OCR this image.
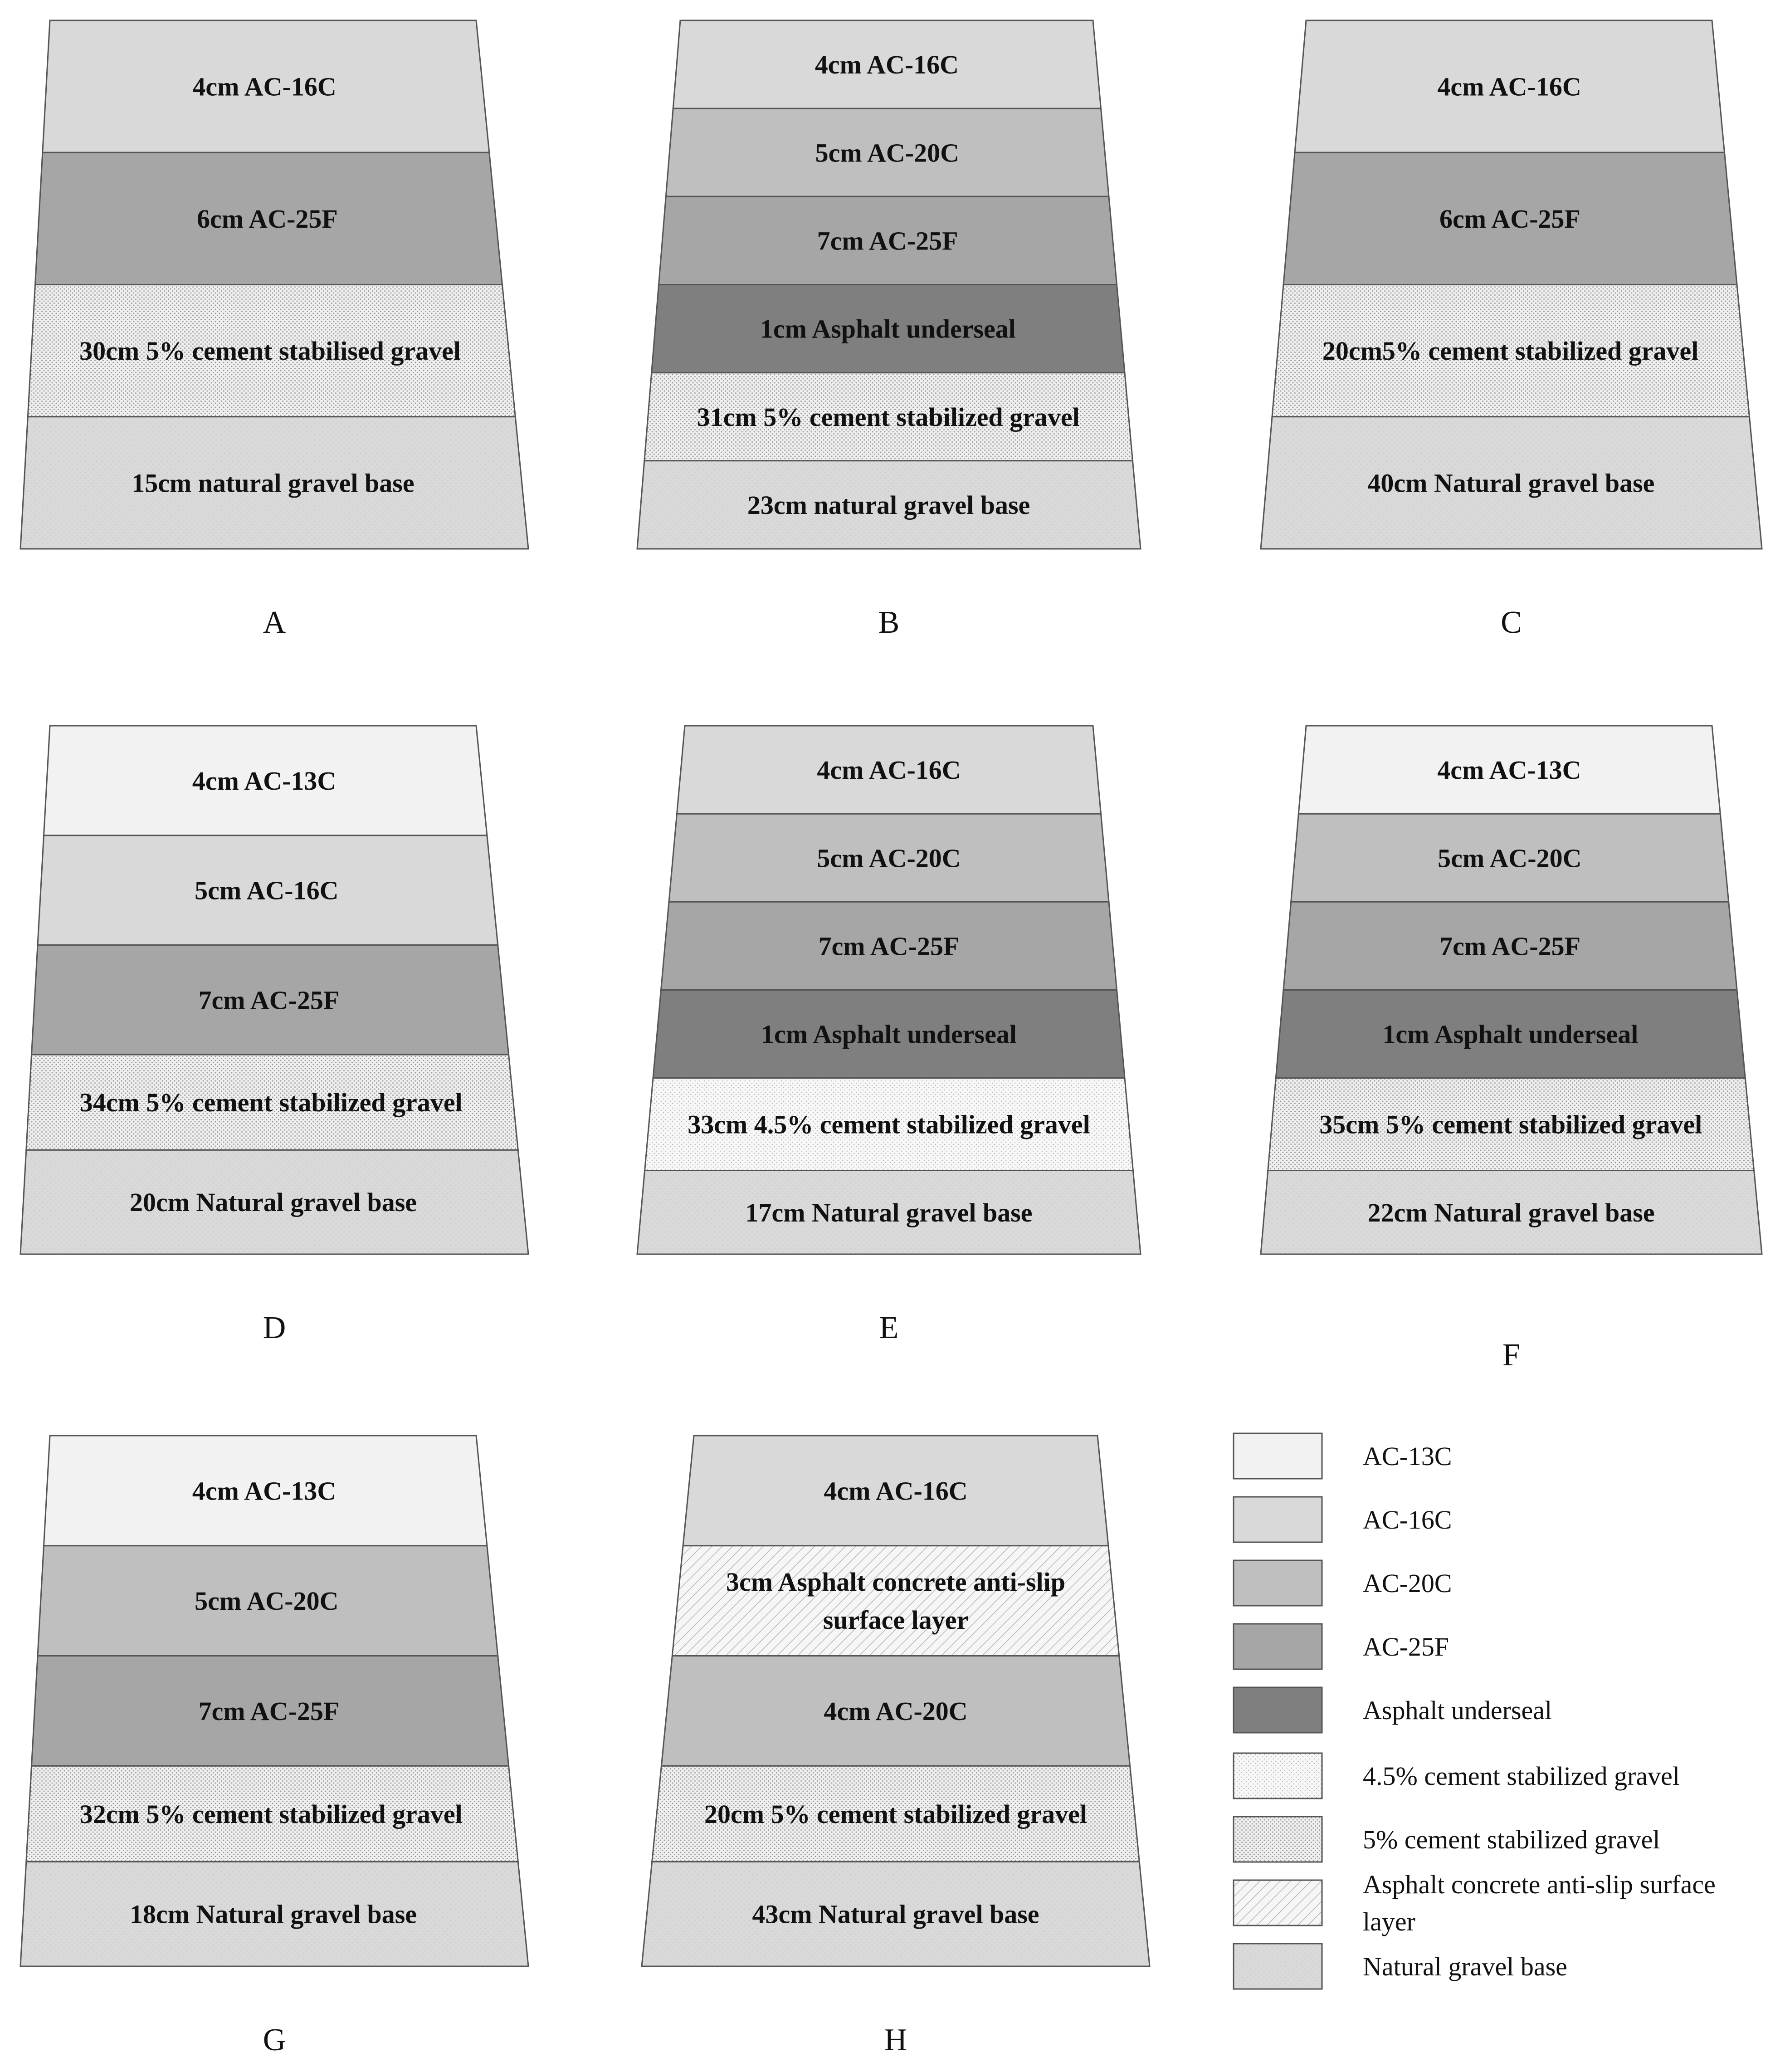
4cm AC-16C
6cm AC-25F
30cm 5% cement stabilised gravel
15cm natural gravel base
A
4cm AC-16C
5cm AC-20C
7cm AC-25F
1cm Asphalt underseal
31cm 5% cement stabilized gravel
23cm natural gravel base
B
4cm AC-16C
6cm AC-25F
20cm5% cement stabilized gravel
40cm Natural gravel base
C
4cm AC-13C
5cm AC-16C
7cm AC-25F
34cm 5% cement stabilized gravel
20cm Natural gravel base
D
4cm AC-16C
5cm AC-20C
7cm AC-25F
1cm Asphalt underseal
33cm 4.5% cement stabilized gravel
17cm Natural gravel base
E
4cm AC-13C
5cm AC-20C
7cm AC-25F
1cm Asphalt underseal
35cm 5% cement stabilized gravel
22cm Natural gravel base
F
4cm AC-13C
5cm AC-20C
7cm AC-25F
32cm 5% cement stabilized gravel
18cm Natural gravel base
G
4cm AC-16C
3cm Asphalt concrete anti-slip surface layer
4cm AC-20C
20cm 5% cement stabilized gravel
43cm Natural gravel base
H
AC-13C
AC-16C
AC-20C
AC-25F
Asphalt underseal
4.5% cement stabilized gravel
5% cement stabilized gravel
Asphalt concrete anti-slip surface layer
Natural gravel base
